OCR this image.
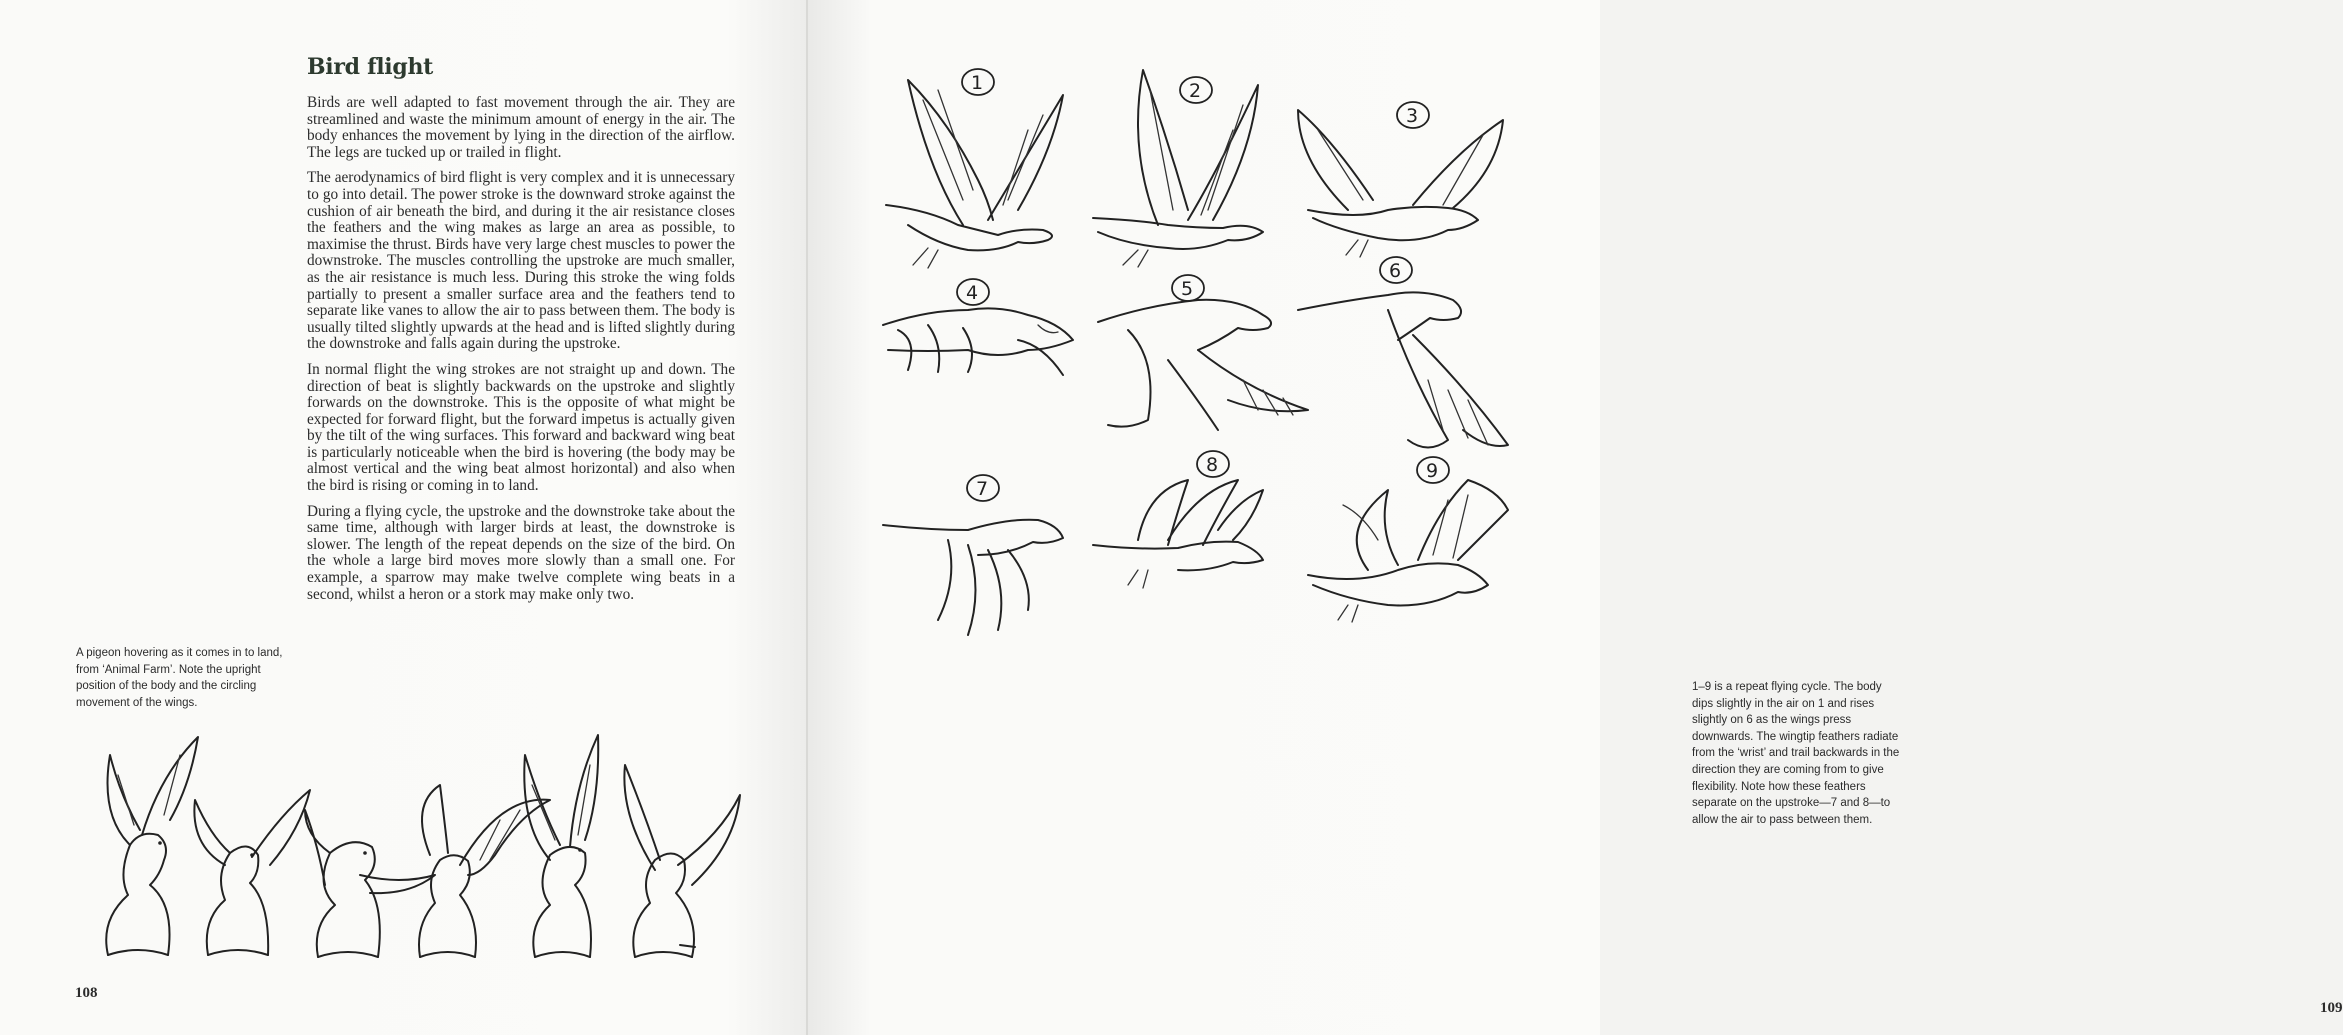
Bird flight

Birds are well adapted to fast movement through the air. They are streamlined and waste the minimum amount of energy in the air. The body enhances the movement by lying in the direction of the airflow. The legs are tucked up or trailed in flight.

The aerodynamics of bird flight is very complex and it is unnecessary to go into detail. The power stroke is the downward stroke against the cushion of air beneath the bird, and during it the air resistance closes the feathers and the wing makes as large an area as possible, to maximise the thrust. Birds have very large chest muscles to power the downstroke. The muscles controlling the upstroke are much smaller, as the air resistance is much less. During this stroke the wing folds partially to present a smaller surface area and the feathers tend to separate like vanes to allow the air to pass between them. The body is usually tilted slightly upwards at the head and is lifted slightly during the downstroke and falls again during the upstroke.

In normal flight the wing strokes are not straight up and down. The direction of beat is slightly backwards on the upstroke and slightly forwards on the downstroke. This is the opposite of what might be expected for forward flight, but the forward impetus is actually given by the tilt of the wing surfaces. This forward and backward wing beat is particularly noticeable when the bird is hovering (the body may be almost vertical and the wing beat almost horizontal) and also when the bird is rising or coming in to land.

During a flying cycle, the upstroke and the downstroke take about the same time, although with larger birds at least, the downstroke is slower. The length of the repeat depends on the size of the bird. On the whole a large bird moves more slowly than a small one. For example, a sparrow may make twelve complete wing beats in a second, whilst a heron or a stork may make only two.

A pigeon hovering as it comes in to land, from ‘Animal Farm’. Note the upright position of the body and the circling movement of the wings.
108
1	2
3
4	5
6
7
8	9
1–9 is a repeat flying cycle. The body dips slightly in the air on 1 and rises slightly on 6 as the wings press downwards. The wingtip feathers radiate from the ‘wrist’ and trail backwards in the direction they are coming from to give flexibility. Note how these feathers separate on the upstroke—7 and 8—to allow the air to pass between them.
109
